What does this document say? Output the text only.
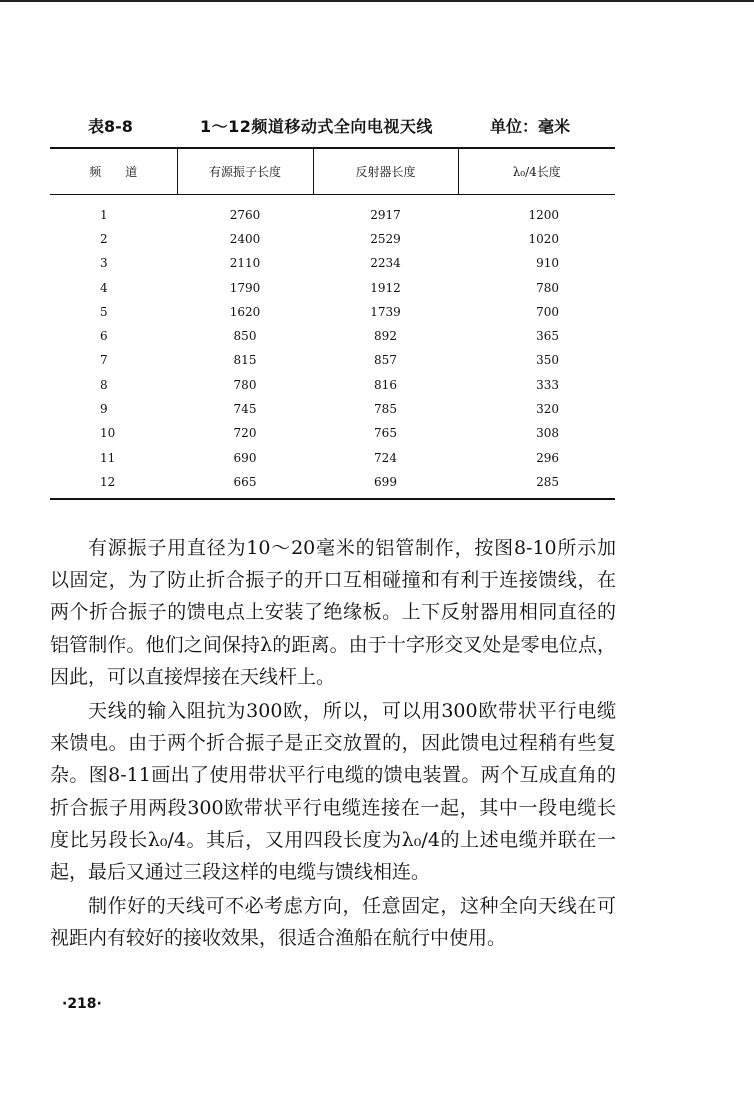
表8-8	1～12频道移动式全向电视天线	单位：毫米
频　　道	有源振子长度	反射器长度	λ₀/4长度
1	2760	2917	1200
2	2400	2529	1020
3	2110	2234	910
4	1790	1912	780
5	1620	1739	700
6	850	892	365
7	815	857	350
8	780	816	333
9	745	785	320
10	720	765	308
11	690	724	296
12	665	699	285

有源振子用直径为10～20毫米的铝管制作，按图8-10所示加以固定，为了防止折合振子的开口互相碰撞和有利于连接馈线，在两个折合振子的馈电点上安装了绝缘板。上下反射器用相同直径的铝管制作。他们之间保持λ的距离。由于十字形交叉处是零电位点，因此，可以直接焊接在天线杆上。

天线的输入阻抗为300欧，所以，可以用300欧带状平行电缆来馈电。由于两个折合振子是正交放置的，因此馈电过程稍有些复杂。图8-11画出了使用带状平行电缆的馈电装置。两个互成直角的折合振子用两段300欧带状平行电缆连接在一起，其中一段电缆长度比另段长λ₀/4。其后，又用四段长度为λ₀/4的上述电缆并联在一起，最后又通过三段这样的电缆与馈线相连。

制作好的天线可不必考虑方向，任意固定，这种全向天线在可视距内有较好的接收效果，很适合渔船在航行中使用。

·218·
